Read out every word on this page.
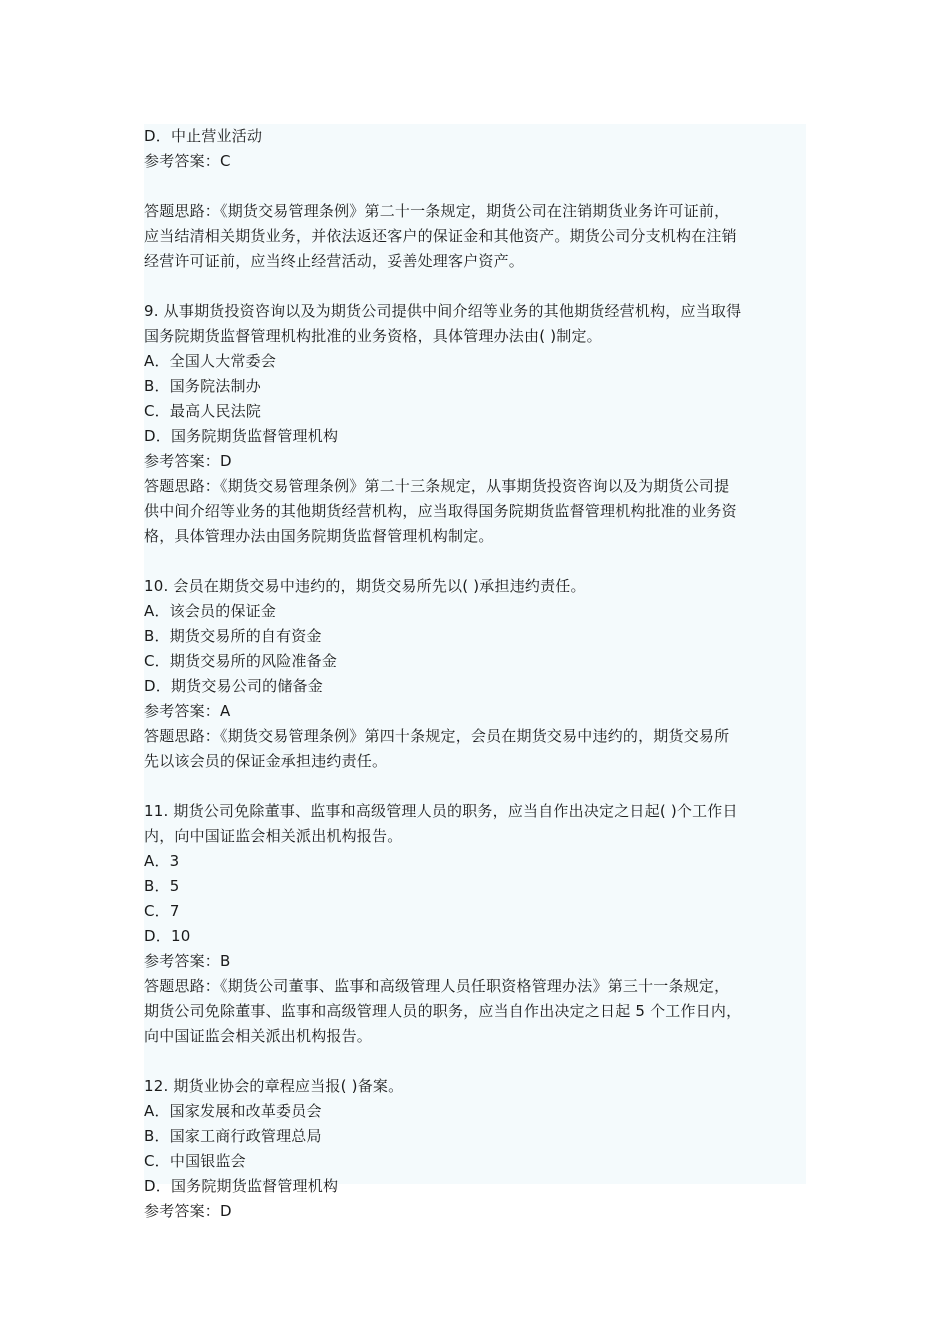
D．中止营业活动
参考答案：C
答题思路：《期货交易管理条例》第二十一条规定，期货公司在注销期货业务许可证前，
应当结清相关期货业务，并依法返还客户的保证金和其他资产。期货公司分支机构在注销
经营许可证前，应当终止经营活动，妥善处理客户资产。
9. 从事期货投资咨询以及为期货公司提供中间介绍等业务的其他期货经营机构，应当取得
国务院期货监督管理机构批准的业务资格，具体管理办法由( )制定。
A．全国人大常委会
B．国务院法制办
C．最高人民法院
D．国务院期货监督管理机构
参考答案：D
答题思路：《期货交易管理条例》第二十三条规定，从事期货投资咨询以及为期货公司提
供中间介绍等业务的其他期货经营机构，应当取得国务院期货监督管理机构批准的业务资
格，具体管理办法由国务院期货监督管理机构制定。
10. 会员在期货交易中违约的，期货交易所先以( )承担违约责任。
A．该会员的保证金
B．期货交易所的自有资金
C．期货交易所的风险准备金
D．期货交易公司的储备金
参考答案：A
答题思路：《期货交易管理条例》第四十条规定，会员在期货交易中违约的，期货交易所
先以该会员的保证金承担违约责任。
11. 期货公司免除董事、监事和高级管理人员的职务，应当自作出决定之日起( )个工作日
内，向中国证监会相关派出机构报告。
A．3
B．5
C．7
D．10
参考答案：B
答题思路：《期货公司董事、监事和高级管理人员任职资格管理办法》第三十一条规定，
期货公司免除董事、监事和高级管理人员的职务，应当自作出决定之日起 5 个工作日内，
向中国证监会相关派出机构报告。
12. 期货业协会的章程应当报( )备案。
A．国家发展和改革委员会
B．国家工商行政管理总局
C．中国银监会
D．国务院期货监督管理机构
参考答案：D
